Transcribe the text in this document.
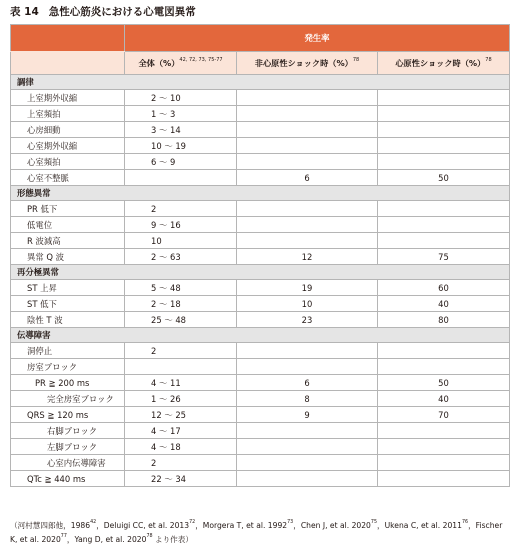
表 14 急性心筋炎における心電図異常
	発生率		
	全体（%）$^{42, 72, 73, 75-77}$	非心原性ショック時（%）$^{78}$	心原性ショック時（%）$^{78}$
調律			
上室期外収縮	2 ～ 10		
上室頻拍	1 ～ 3		
心房細動	3 ～ 14		
心室期外収縮	10 ～ 19		
心室頻拍	6 ～ 9		
心室不整脈		6	50
形態異常			
PR 低下	2		
低電位	9 ～ 16		
R 波減高	10		
異常 Q 波	2 ～ 63	12	75
再分極異常			
ST 上昇	5 ～ 48	19	60
ST 低下	2 ～ 18	10	40
陰性 T 波	25 ～ 48	23	80
伝導障害			
洞停止	2		
房室ブロック			
PR ≧ 200 ms	4 ～ 11	6	50
完全房室ブロック	1 ～ 26	8	40
QRS ≧ 120 ms	12 ～ 25	9	70
右脚ブロック	4 ～ 17		
左脚ブロック	4 ～ 18		
心室内伝導障害	2		
QTc ≧ 440 ms	22 ～ 34		
（河村慧四郎他，1986$^{42}$，Deluigi CC, et al. 2013$^{72}$，Morgera T, et al. 1992$^{73}$，Chen J, et al. 2020$^{75}$，Ukena C, et al. 2011$^{76}$，Fischer K, et al. 2020$^{77}$，Yang D, et al. 2020$^{78}$ より作表）
